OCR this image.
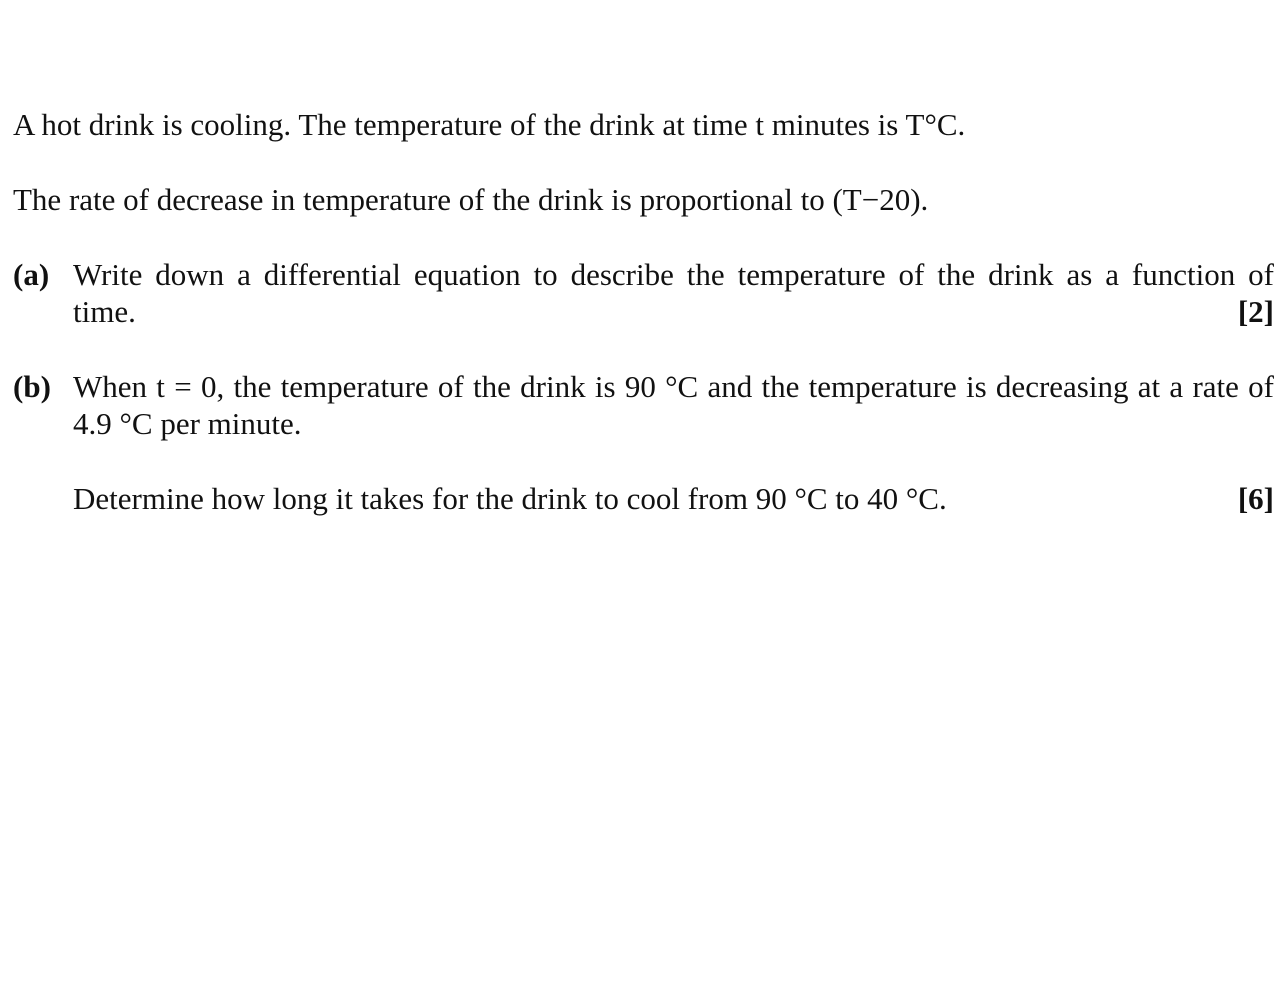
A hot drink is cooling. The temperature of the drink at time t minutes is T°C.
The rate of decrease in temperature of the drink is proportional to (T−20).
(a) Write down a differential equation to describe the temperature of the drink as a function of
time.	[2]
(b) When t = 0, the temperature of the drink is 90 °C and the temperature is decreasing at a rate of
4.9 °C per minute.
Determine how long it takes for the drink to cool from 90 °C to 40 °C.	[6]
